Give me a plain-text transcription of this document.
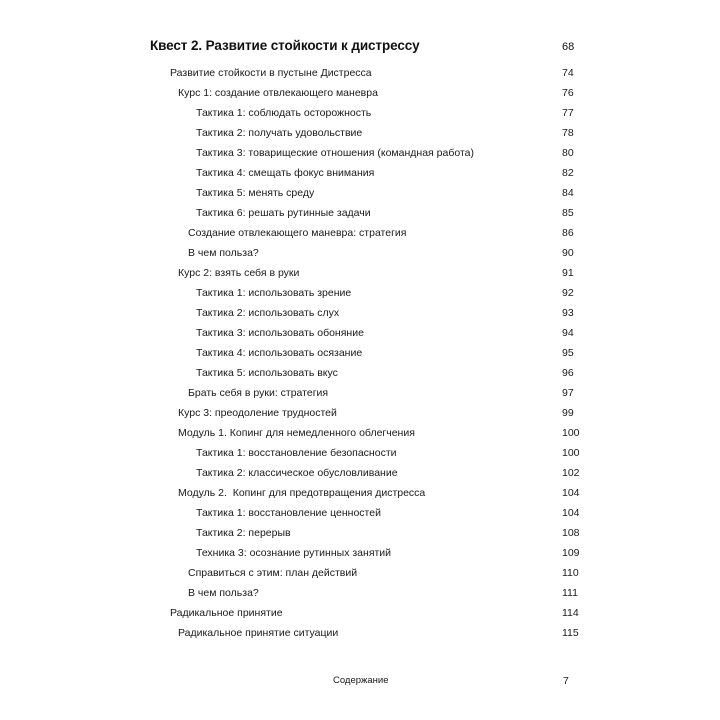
Квест 2. Развитие стойкости к дистрессу	68
Развитие стойкости в пустыне Дистресса	74
Курс 1: создание отвлекающего маневра	76
Тактика 1: соблюдать осторожность	77
Тактика 2: получать удовольствие	78
Тактика 3: товарищеские отношения (командная работа)	80
Тактика 4: смещать фокус внимания	82
Тактика 5: менять среду	84
Тактика 6: решать рутинные задачи	85
Создание отвлекающего маневра: стратегия	86
В чем польза?	90
Курс 2: взять себя в руки	91
Тактика 1: использовать зрение	92
Тактика 2: использовать слух	93
Тактика 3: использовать обоняние	94
Тактика 4: использовать осязание	95
Тактика 5: использовать вкус	96
Брать себя в руки: стратегия	97
Курс 3: преодоление трудностей	99
Модуль 1. Копинг для немедленного облегчения	100
Тактика 1: восстановление безопасности	100
Тактика 2: классическое обусловливание	102
Модуль 2.  Копинг для предотвращения дистресса	104
Тактика 1: восстановление ценностей	104
Тактика 2: перерыв	108
Техника 3: осознание рутинных занятий	109
Справиться с этим: план действий	110
В чем польза?	111
Радикальное принятие	114
Радикальное принятие ситуации	115
Содержание	7
